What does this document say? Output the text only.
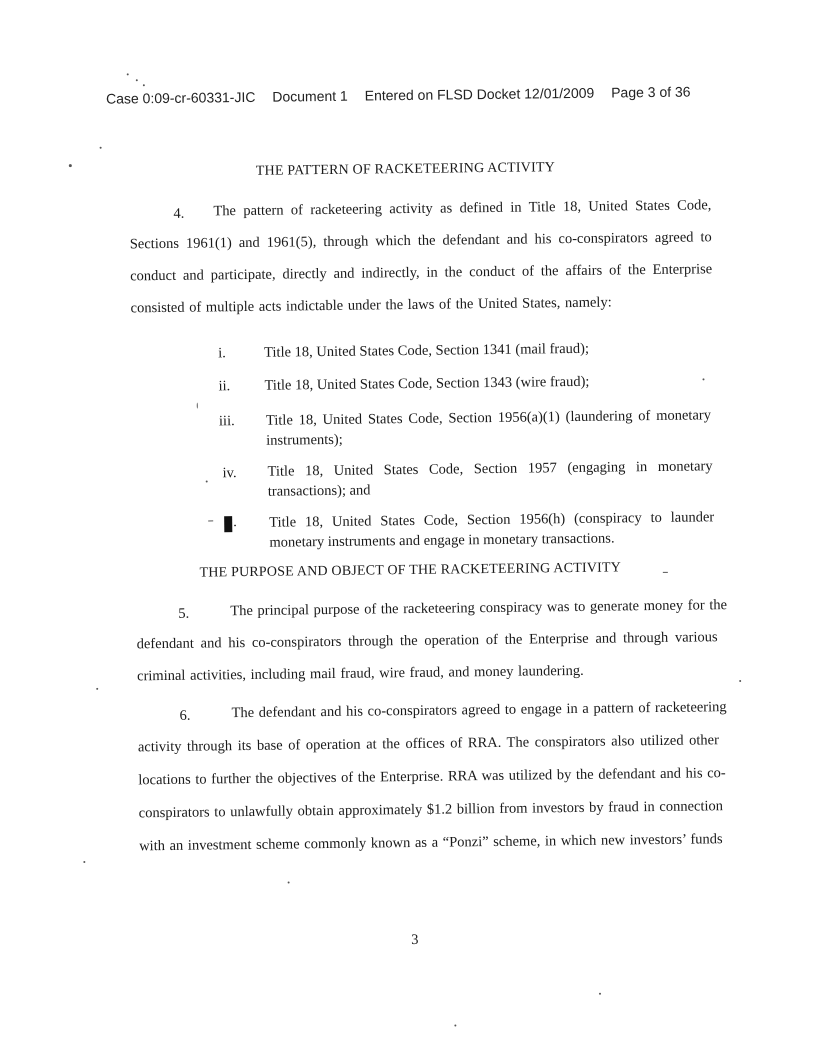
Case 0:09-cr-60331-JIC Document 1 Entered on FLSD Docket 12/01/2009 Page 3 of 36
THE PATTERN OF RACKETEERING ACTIVITY
4. The pattern of racketeering activity as defined in Title 18, United States Code,
Sections 1961(1) and 1961(5), through which the defendant and his co-conspirators agreed to
conduct and participate, directly and indirectly, in the conduct of the affairs of the Enterprise
consisted of multiple acts indictable under the laws of the United States, namely:
i.	Title 18, United States Code, Section 1341 (mail fraud);
ii. Title 18, United States Code, Section 1343 (wire fraud);
iii. Title 18, United States Code, Section 1956(a)(1) (laundering of monetary
instruments);
iv. Title 18, United States Code, Section 1957 (engaging in monetary
transactions); and
. Title 18, United States Code, Section 1956(h) (conspiracy to launder
monetary instruments and engage in monetary transactions.
THE PURPOSE AND OBJECT OF THE RACKETEERING ACTIVITY
5.	The principal purpose of the racketeering conspiracy was to generate money for the
defendant and his co-conspirators through the operation of the Enterprise and through various
criminal activities, including mail fraud, wire fraud, and money laundering.
6.	The defendant and his co-conspirators agreed to engage in a pattern of racketeering
activity through its base of operation at the offices of RRA. The conspirators also utilized other
locations to further the objectives of the Enterprise. RRA was utilized by the defendant and his co-
conspirators to unlawfully obtain approximately $1.2 billion from investors by fraud in connection
with an investment scheme commonly known as a “Ponzi” scheme, in which new investors’ funds
3
